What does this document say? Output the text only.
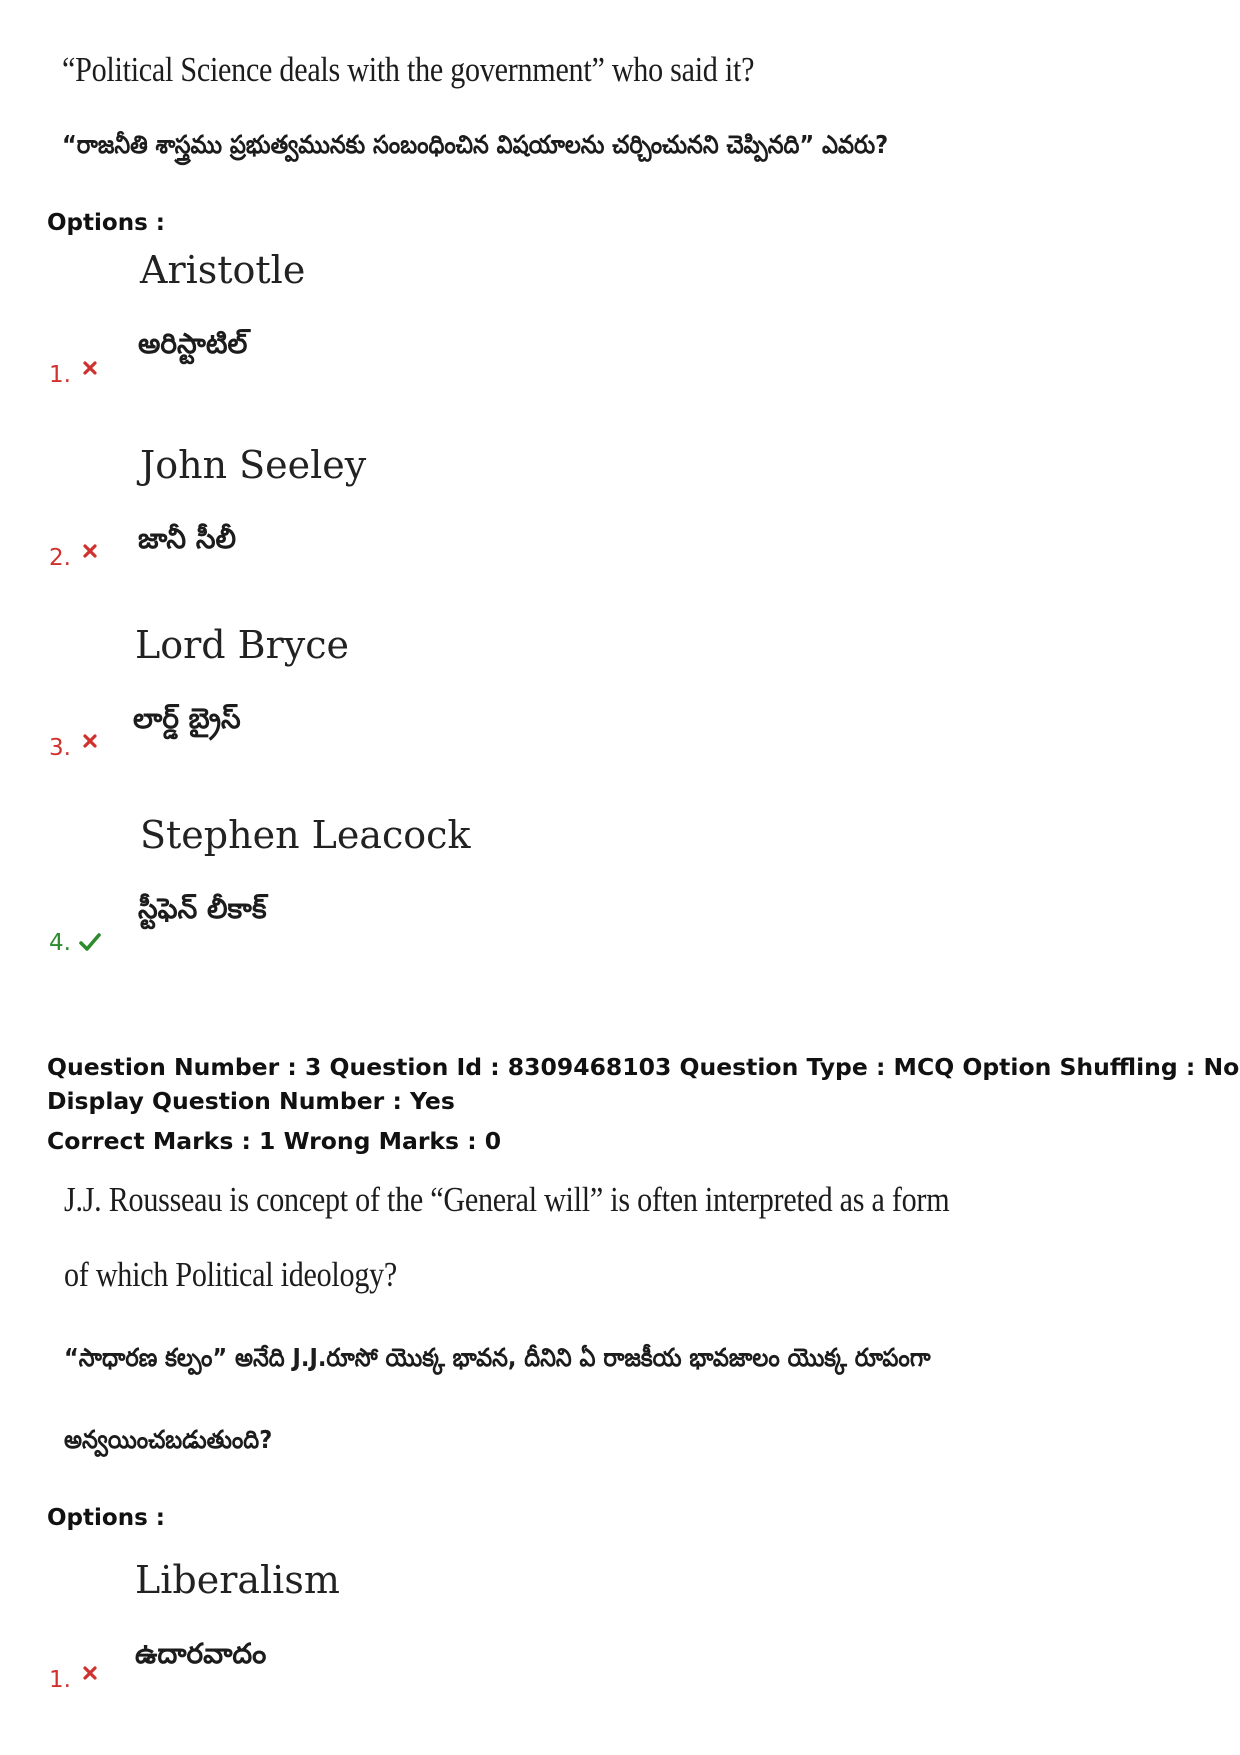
“Political Science deals with the government” who said it?
“రాజనీతి శాస్త్రము ప్రభుత్వమునకు సంబంధించిన విషయాలను చర్చించునని చెప్పినది” ఎవరు?
Options :
Aristotle
అరిస్టాటిల్
1.
John Seeley
జానీ సీలీ
2.
Lord Bryce
లార్డ్ బ్రైస్
3.
Stephen Leacock
స్టీఫెన్ లీకాక్
4.
Question Number : 3 Question Id : 8309468103 Question Type : MCQ Option Shuffling : No
Display Question Number : Yes
Correct Marks : 1 Wrong Marks : 0
J.J. Rousseau is concept of the “General will” is often interpreted as a form
of which Political ideology?
“సాధారణ కల్పం” అనేది J.J.రూసో యొక్క భావన, దీనిని ఏ రాజకీయ భావజాలం యొక్క రూపంగా
అన్వయించబడుతుంది?
Options :
Liberalism
ఉదారవాదం
1.
